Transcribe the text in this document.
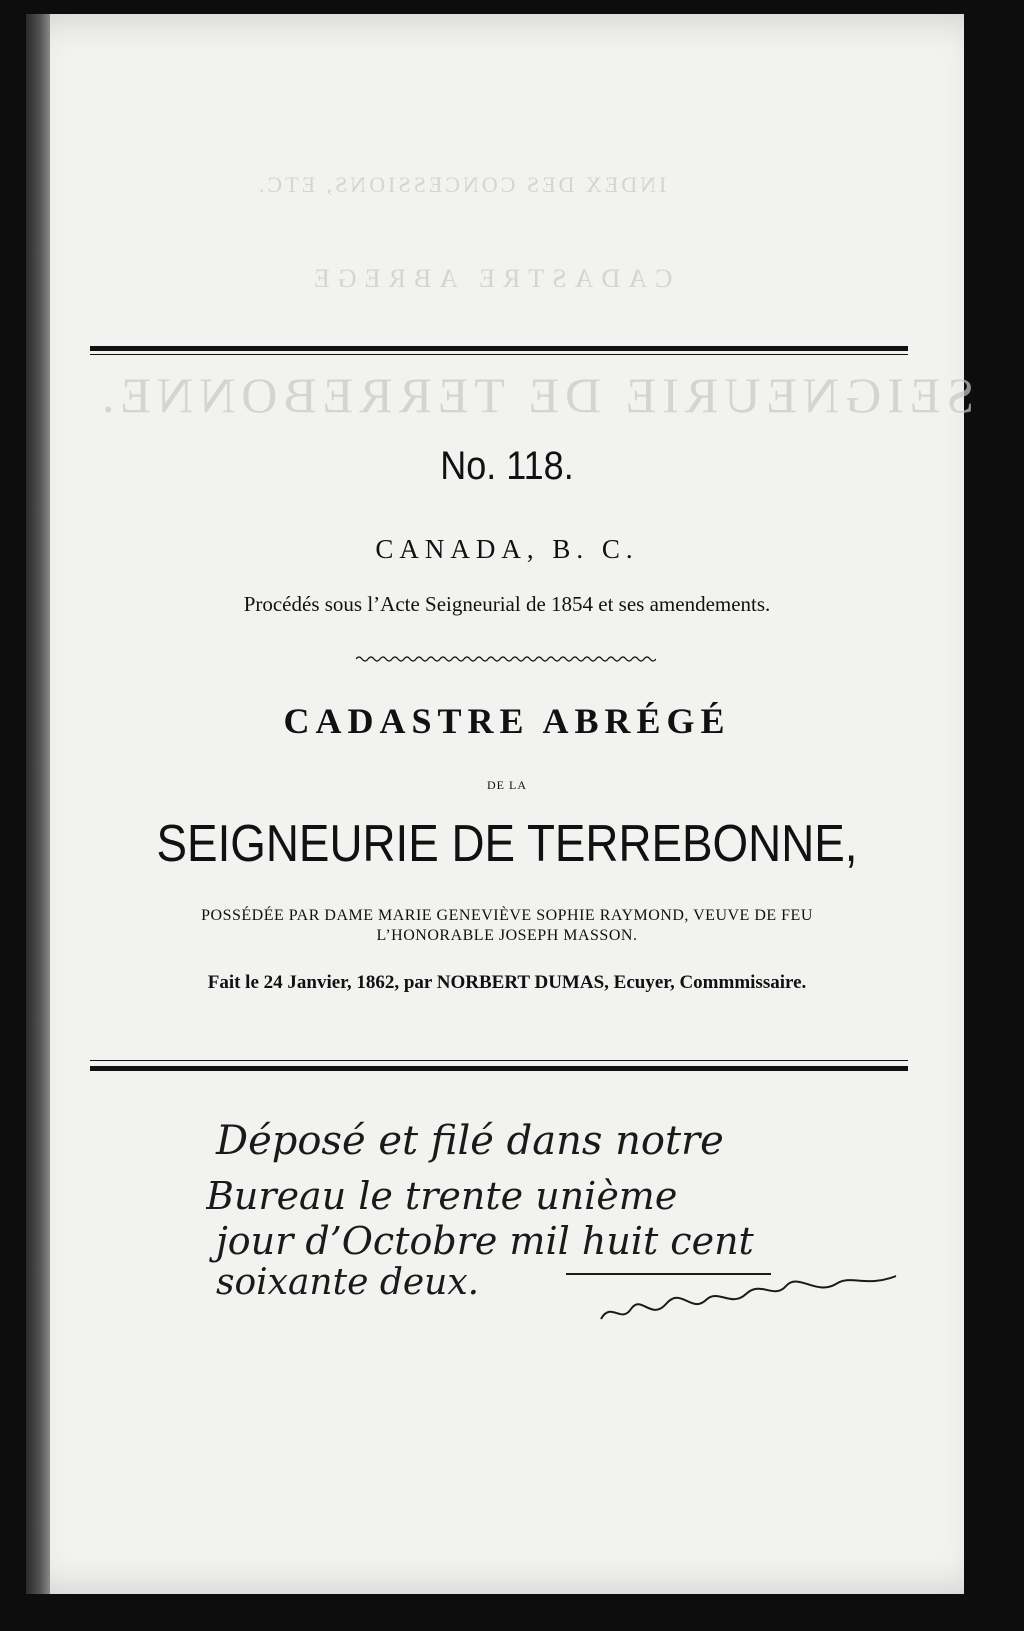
INDEX DES CONCESSIONS, ETC.
CADASTRE ABREGE
SEIGNEURIE DE TERREBONNE.
No. 118.
CANADA, B. C.
Procédés sous l’Acte Seigneurial de 1854 et ses amendements.
CADASTRE ABRÉGÉ
DE LA
SEIGNEURIE DE TERREBONNE,
POSSÉDÉE PAR DAME MARIE GENEVIÈVE SOPHIE RAYMOND, VEUVE DE FEU
L’HONORABLE JOSEPH MASSON.
Fait le 24 Janvier, 1862, par NORBERT DUMAS, Ecuyer, Commmissaire.
Déposé et filé dans notre
Bureau le trente unième
jour d’Octobre mil huit cent
soixante deux.
